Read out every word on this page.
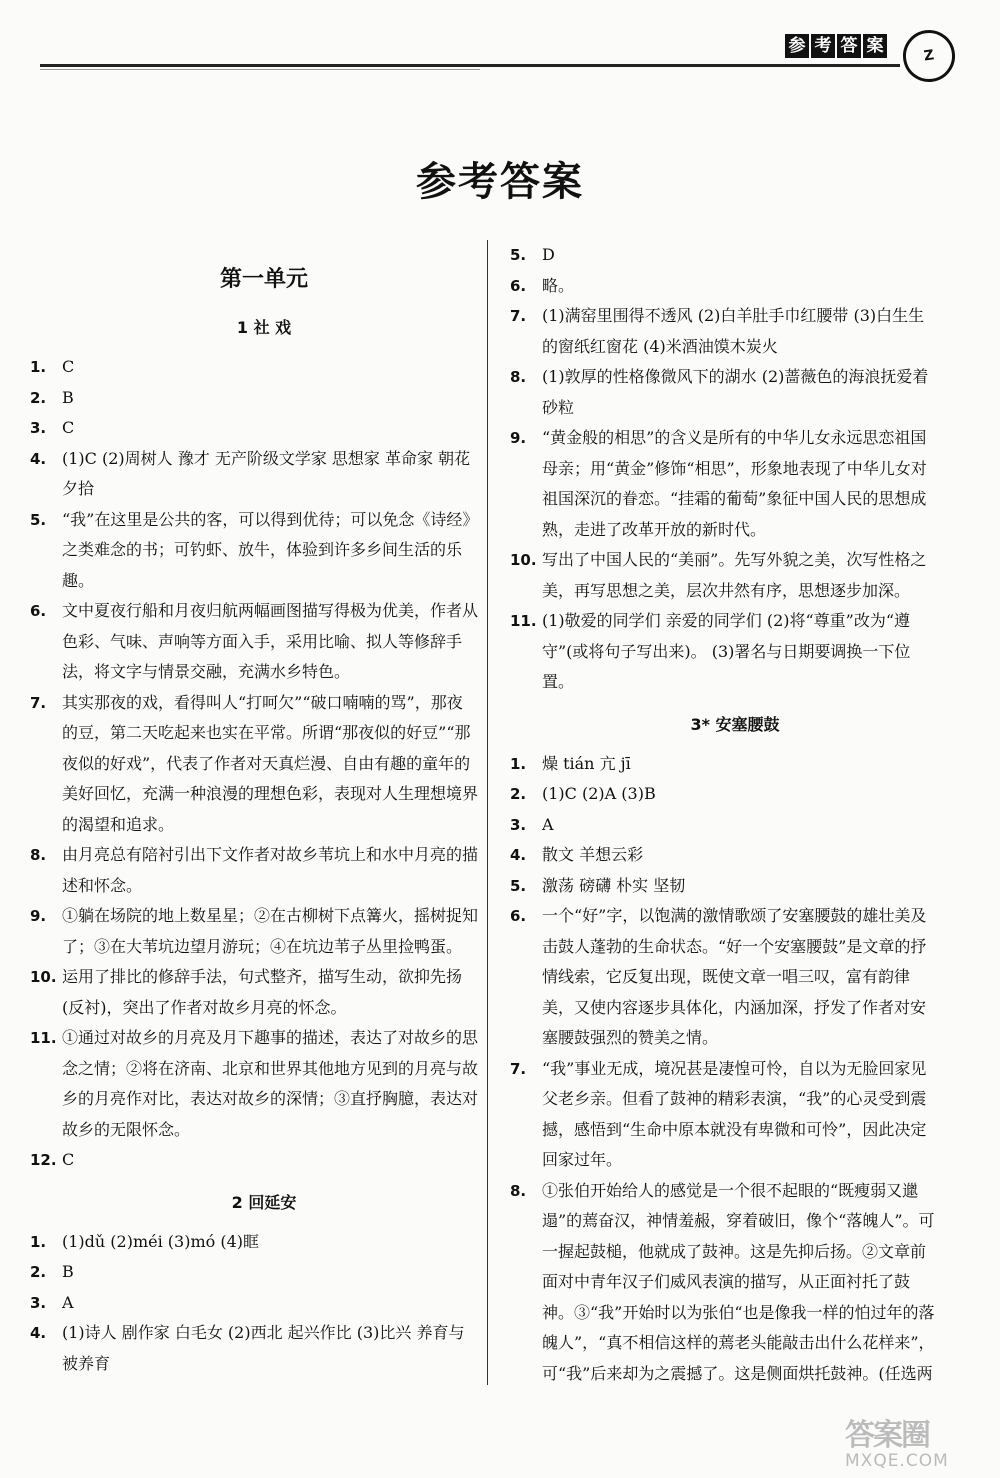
参 考 答 案	Z
参考答案
第一单元
1 社 戏
1. C
2. B
3. C
4. (1)C (2)周树人 豫才 无产阶级文学家 思想家 革命家 朝花夕拾
5. “我”在这里是公共的客，可以得到优待；可以免念《诗经》之类难念的书；可钓虾、放牛，体验到许多乡间生活的乐趣。
6. 文中夏夜行船和月夜归航两幅画图描写得极为优美，作者从色彩、气味、声响等方面入手，采用比喻、拟人等修辞手法，将文字与情景交融，充满水乡特色。
7. 其实那夜的戏，看得叫人“打呵欠”“破口喃喃的骂”，那夜的豆，第二天吃起来也实在平常。所谓“那夜似的好豆”“那夜似的好戏”，代表了作者对天真烂漫、自由有趣的童年的美好回忆，充满一种浪漫的理想色彩，表现对人生理想境界的渴望和追求。
8. 由月亮总有陪衬引出下文作者对故乡苇坑上和水中月亮的描述和怀念。
9. ①躺在场院的地上数星星；②在古柳树下点篝火，摇树捉知了；③在大苇坑边望月游玩；④在坑边苇子丛里捡鸭蛋。
10. 运用了排比的修辞手法，句式整齐，描写生动，欲抑先扬(反衬)，突出了作者对故乡月亮的怀念。
11. ①通过对故乡的月亮及月下趣事的描述，表达了对故乡的思念之情；②将在济南、北京和世界其他地方见到的月亮与故乡的月亮作对比，表达对故乡的深情；③直抒胸臆，表达对故乡的无限怀念。
12. C
2 回延安
1. (1)dǔ (2)méi (3)mó (4)眶
2. B
3. A
4. (1)诗人 剧作家 白毛女 (2)西北 起兴作比 (3)比兴 养育与被养育
5. D
6. 略。
7. (1)满窑里围得不透风 (2)白羊肚手巾红腰带 (3)白生生的窗纸红窗花 (4)米酒油馍木炭火
8. (1)敦厚的性格像微风下的湖水 (2)蔷薇色的海浪抚爱着砂粒
9. “黄金般的相思”的含义是所有的中华儿女永远思恋祖国母亲；用“黄金”修饰“相思”，形象地表现了中华儿女对祖国深沉的眷恋。“挂霜的葡萄”象征中国人民的思想成熟，走进了改革开放的新时代。
10. 写出了中国人民的“美丽”。先写外貌之美，次写性格之美，再写思想之美，层次井然有序，思想逐步加深。
11. (1)敬爱的同学们 亲爱的同学们 (2)将“尊重”改为“遵守”(或将句子写出来)。 (3)署名与日期要调换一下位置。
3* 安塞腰鼓
1. 燥 tián 亢 jī
2. (1)C (2)A (3)B
3. A
4. 散文 羊想云彩
5. 激荡 磅礴 朴实 坚韧
6. 一个“好”字，以饱满的激情歌颂了安塞腰鼓的雄壮美及击鼓人蓬勃的生命状态。“好一个安塞腰鼓”是文章的抒情线索，它反复出现，既使文章一唱三叹，富有韵律美，又使内容逐步具体化，内涵加深，抒发了作者对安塞腰鼓强烈的赞美之情。
7. “我”事业无成，境况甚是凄惶可怜，自以为无脸回家见父老乡亲。但看了鼓神的精彩表演，“我”的心灵受到震撼，感悟到“生命中原本就没有卑微和可怜”，因此决定回家过年。
8. ①张伯开始给人的感觉是一个很不起眼的“既瘦弱又邋遢”的蔫奋汉，神情羞赧，穿着破旧，像个“落魄人”。可一握起鼓槌，他就成了鼓神。这是先抑后扬。②文章前面对中青年汉子们威风表演的描写，从正面衬托了鼓神。③“我”开始时以为张伯“也是像我一样的怕过年的落魄人”，“真不相信这样的蔫老头能敲击出什么花样来”，可“我”后来却为之震撼了。这是侧面烘托鼓神。(任选两
答案圈
MXQE.COM
